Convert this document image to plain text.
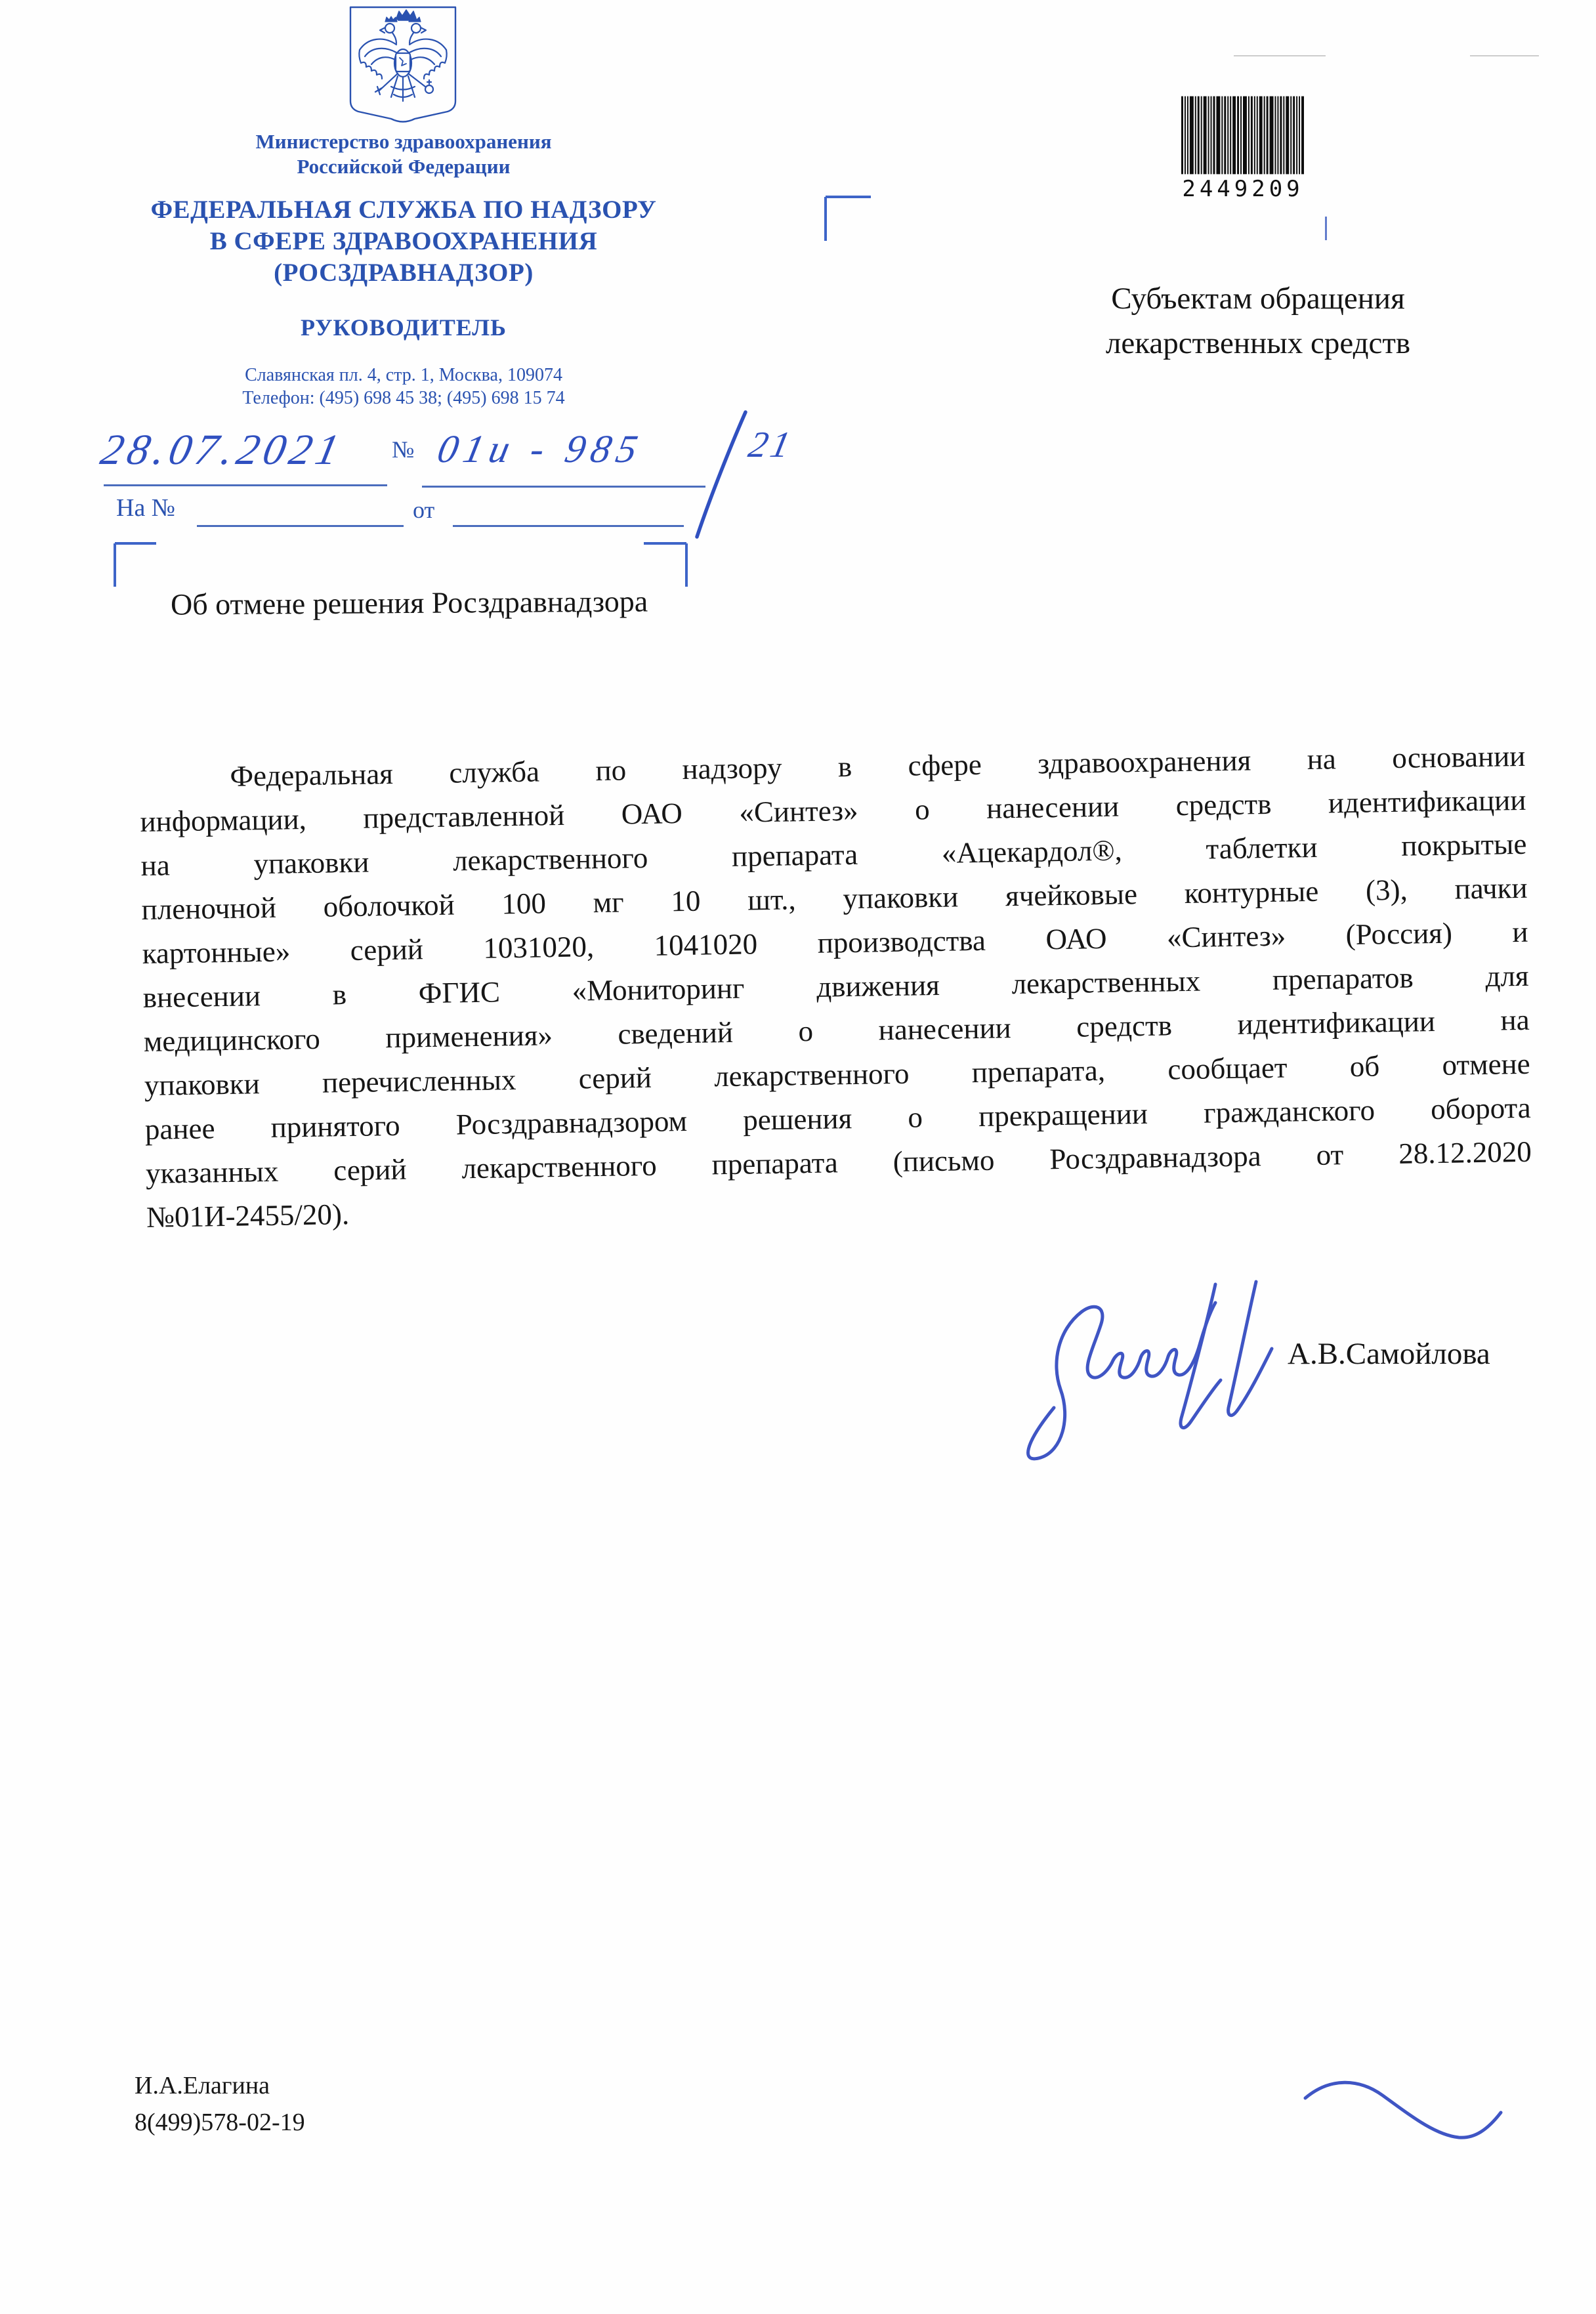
Министерство здравоохранения
Российской Федерации
ФЕДЕРАЛЬНАЯ СЛУЖБА ПО НАДЗОРУ
В СФЕРЕ ЗДРАВООХРАНЕНИЯ
(РОСЗДРАВНАДЗОР)
РУКОВОДИТЕЛЬ
Славянская пл. 4, стр. 1, Москва, 109074
Телефон: (495) 698 45 38; (495) 698 15 74
28.07.2021 № 01и - 985	21
На №	от
2449209
Субъектам обращения
лекарственных средств
Об отмене решения Росздравнадзора
Федеральная служба по надзору в сфере здравоохранения на основании
информации, представленной ОАО «Синтез» о нанесении средств идентификации
на упаковки лекарственного препарата «Ацекардол®, таблетки покрытые
пленочной оболочкой 100 мг 10 шт., упаковки ячейковые контурные (3), пачки
картонные» серий 1031020, 1041020 производства ОАО «Синтез» (Россия) и
внесении в ФГИС «Мониторинг движения лекарственных препаратов для
медицинского применения» сведений о нанесении средств идентификации на
упаковки перечисленных серий лекарственного препарата, сообщает об отмене
ранее принятого Росздравнадзором решения о прекращении гражданского оборота
указанных серий лекарственного препарата (письмо Росздравнадзора от 28.12.2020
№01И-2455/20).
А.В.Самойлова
И.А.Елагина
8(499)578-02-19
